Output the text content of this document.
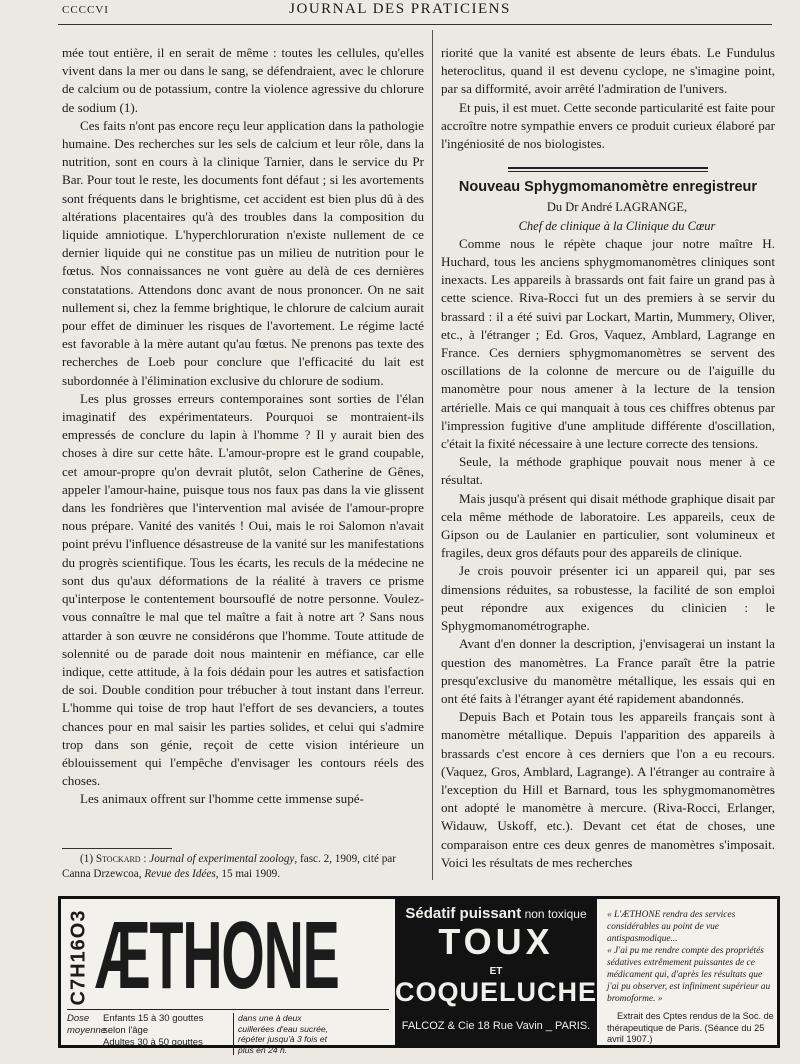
CCCCVI	JOURNAL DES PRATICIENS

mée tout entière, il en serait de même : toutes les cellules, qu'elles vivent dans la mer ou dans le sang, se défendraient, avec le chlorure de calcium ou de potassium, contre la violence agressive du chlorure de sodium (1).

Ces faits n'ont pas encore reçu leur application dans la pathologie humaine. Des recherches sur les sels de calcium et leur rôle, dans la nutrition, sont en cours à la clinique Tarnier, dans le service du Pr Bar. Pour tout le reste, les documents font défaut ; si les avortements sont fréquents dans le brightisme, cet accident est bien plus dû à des altérations placentaires qu'à des troubles dans la composition du liquide amniotique. L'hyperchloruration n'existe nullement de ce dernier liquide qui ne constitue pas un milieu de nutrition pour le fœtus. Nos connaissances ne vont guère au delà de ces dernières constatations. Attendons donc avant de nous prononcer. On ne sait nullement si, chez la femme brightique, le chlorure de calcium aurait pour effet de diminuer les risques de l'avortement. Le régime lacté est favorable à la mère autant qu'au fœtus. Ne prenons pas texte des recherches de Loeb pour conclure que l'efficacité du lait est subordonnée à l'élimination exclusive du chlorure de sodium.

Les plus grosses erreurs contemporaines sont sorties de l'élan imaginatif des expérimentateurs. Pourquoi se montraient-ils empressés de conclure du lapin à l'homme ? Il y aurait bien des choses à dire sur cette hâte. L'amour-propre est le grand coupable, cet amour-propre qu'on devrait plutôt, selon Catherine de Gênes, appeler l'amour-haine, puisque tous nos faux pas dans la vie glissent dans les fondrières que l'intervention mal avisée de l'amour-propre nous prépare. Vanité des vanités ! Oui, mais le roi Salomon n'avait point prévu l'influence désastreuse de la vanité sur les manifestations du progrès scientifique. Tous les écarts, les reculs de la médecine ne sont dus qu'aux déformations de la réalité à travers ce prisme qu'interpose le contentement boursouflé de notre personne. Voulez-vous connaître le mal que tel maître a fait à notre art ? Sans nous attarder à son œuvre ne considérons que l'homme. Toute attitude de solennité ou de parade doit nous maintenir en méfiance, car elle indique, cette attitude, à la fois dédain pour les autres et satisfaction de soi. Double condition pour trébucher à tout instant dans l'erreur. L'homme qui toise de trop haut l'effort de ses devanciers, a toutes chances pour en mal saisir les parties solides, et celui qui s'admire trop dans son génie, reçoit de cette vision intérieure un éblouissement qui l'empêche d'envisager les contours réels des choses.

Les animaux offrent sur l'homme cette immense supé-

(1) Stockard : Journal of experimental zoology, fasc. 2, 1909, cité par Canna Drzewcoa, Revue des Idées, 15 mai 1909.

riorité que la vanité est absente de leurs ébats. Le Fundulus heteroclitus, quand il est devenu cyclope, ne s'imagine point, par sa difformité, avoir arrêté l'admiration de l'univers.

Et puis, il est muet. Cette seconde particularité est faite pour accroître notre sympathie envers ce produit curieux élaboré par l'ingéniosité de nos biologistes.

Nouveau Sphygmomanomètre enregistreur

Du Dr André LAGRANGE,

Chef de clinique à la Clinique du Cœur

Comme nous le répète chaque jour notre maître H. Huchard, tous les anciens sphygmomanomètres cliniques sont inexacts. Les appareils à brassards ont fait faire un grand pas à cette science. Riva-Rocci fut un des premiers à se servir du brassard : il a été suivi par Lockart, Martin, Mummery, Oliver, etc., à l'étranger ; Ed. Gros, Vaquez, Amblard, Lagrange en France. Ces derniers sphygmomanomètres se servent des oscillations de la colonne de mercure ou de l'aiguille du manomètre pour nous amener à la lecture de la tension artérielle. Mais ce qui manquait à tous ces chiffres obtenus par l'impression fugitive d'une amplitude différente d'oscillation, c'était la fixité nécessaire à une lecture correcte des tensions.

Seule, la méthode graphique pouvait nous mener à ce résultat.

Mais jusqu'à présent qui disait méthode graphique disait par cela même méthode de laboratoire. Les appareils, ceux de Gipson ou de Laulanier en particulier, sont volumineux et fragiles, deux gros défauts pour des appareils de clinique.

Je crois pouvoir présenter ici un appareil qui, par ses dimensions réduites, sa robustesse, la facilité de son emploi peut répondre aux exigences du clinicien : le Sphygmomanométrographe.

Avant d'en donner la description, j'envisagerai un instant la question des manomètres. La France paraît être la patrie presqu'exclusive du manomètre métallique, les essais qui en ont été faits à l'étranger ayant été rapidement abandonnés.

Depuis Bach et Potain tous les appareils français sont à manomètre métallique. Depuis l'apparition des appareils à brassards c'est encore à ces derniers que l'on a eu recours. (Vaquez, Gros, Amblard, Lagrange). A l'étranger au contraire à l'exception du Hill et Barnard, tous les sphygmomanomètres ont adopté le manomètre à mercure. (Riva-Rocci, Erlanger, Widauw, Uskoff, etc.). Devant cet état de choses, une comparaison entre ces deux genres de manomètres s'imposait. Voici les résultats de mes recherches

C7H16O3 ÆTHONE
Dose moyenne
Enfants 15 à 30 gouttes selon l'âge
Adultes 30 à 50 gouttes
dans une à deux cuillerées d'eau sucrée, répéter jusqu'à 3 fois et plus en 24 h.
Sédatif puissant non toxique
TOUX
ET
COQUELUCHE
FALCOZ & Cie 18 Rue Vavin _ PARIS.

« L'ÆTHONE rendra des services considérables au point de vue antispasmodique...

« J'ai pu me rendre compte des propriétés sédatives extrêmement puissantes de ce médicament qui, d'après les résultats que j'ai pu observer, est infiniment supérieur au bromoforme. »

Extrait des Cptes rendus de la Soc. de thérapeutique de Paris. (Séance du 25 avril 1907.)
